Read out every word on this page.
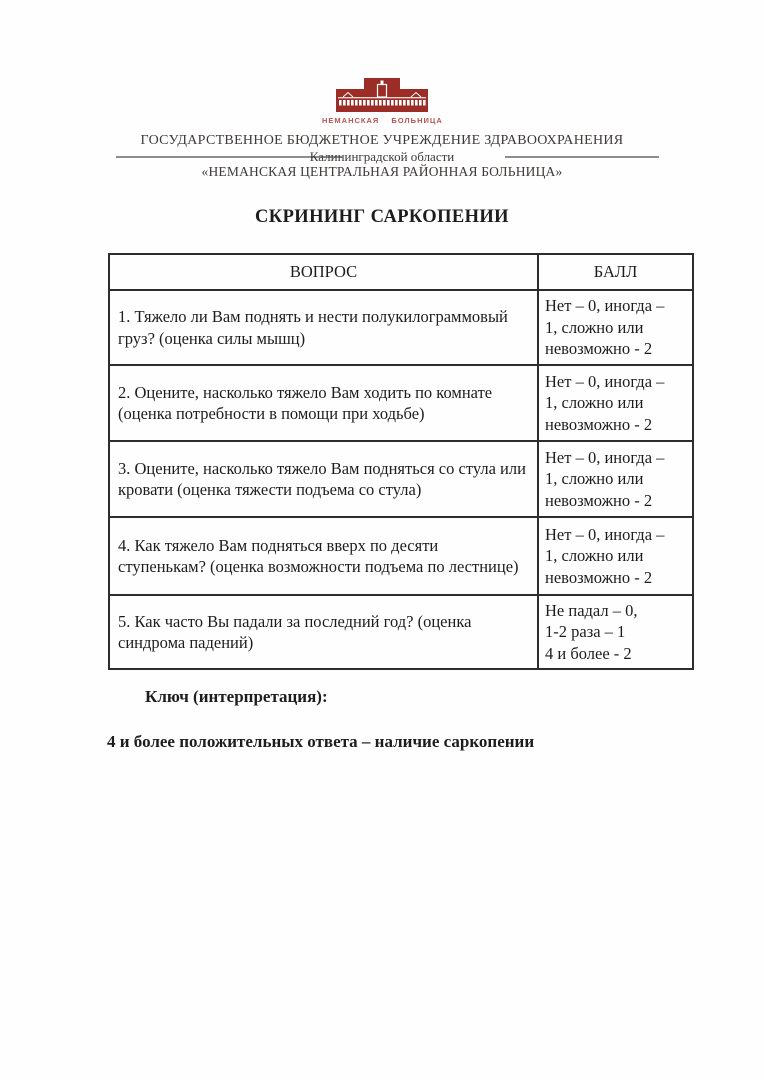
НЕМАНСКАЯ БОЛЬНИЦА
ГОСУДАРСТВЕННОЕ БЮДЖЕТНОЕ УЧРЕЖДЕНИЕ ЗДРАВООХРАНЕНИЯ
Калининградской области
«НЕМАНСКАЯ ЦЕНТРАЛЬНАЯ РАЙОННАЯ БОЛЬНИЦА»
СКРИНИНГ САРКОПЕНИИ
ВОПРОС	БАЛЛ
1. Тяжело ли Вам поднять и нести полукилограммовый груз? (оценка силы мышц)	Нет – 0, иногда –
1, сложно или
невозможно - 2

2. Оцените, насколько тяжело Вам ходить по комнате (оценка потребности в помощи при ходьбе)	Нет – 0, иногда –
1, сложно или
невозможно - 2

3. Оцените, насколько тяжело Вам подняться со стула или кровати (оценка тяжести подъема со стула)	Нет – 0, иногда –
1, сложно или
невозможно - 2

4. Как тяжело Вам подняться вверх по десяти ступенькам? (оценка возможности подъема по лестнице)	Нет – 0, иногда –
1, сложно или
невозможно - 2

5. Как часто Вы падали за последний год? (оценка синдрома падений)	Не падал – 0,
1-2 раза – 1
4 и более - 2
Ключ (интерпретация):
4 и более положительных ответа – наличие саркопении
